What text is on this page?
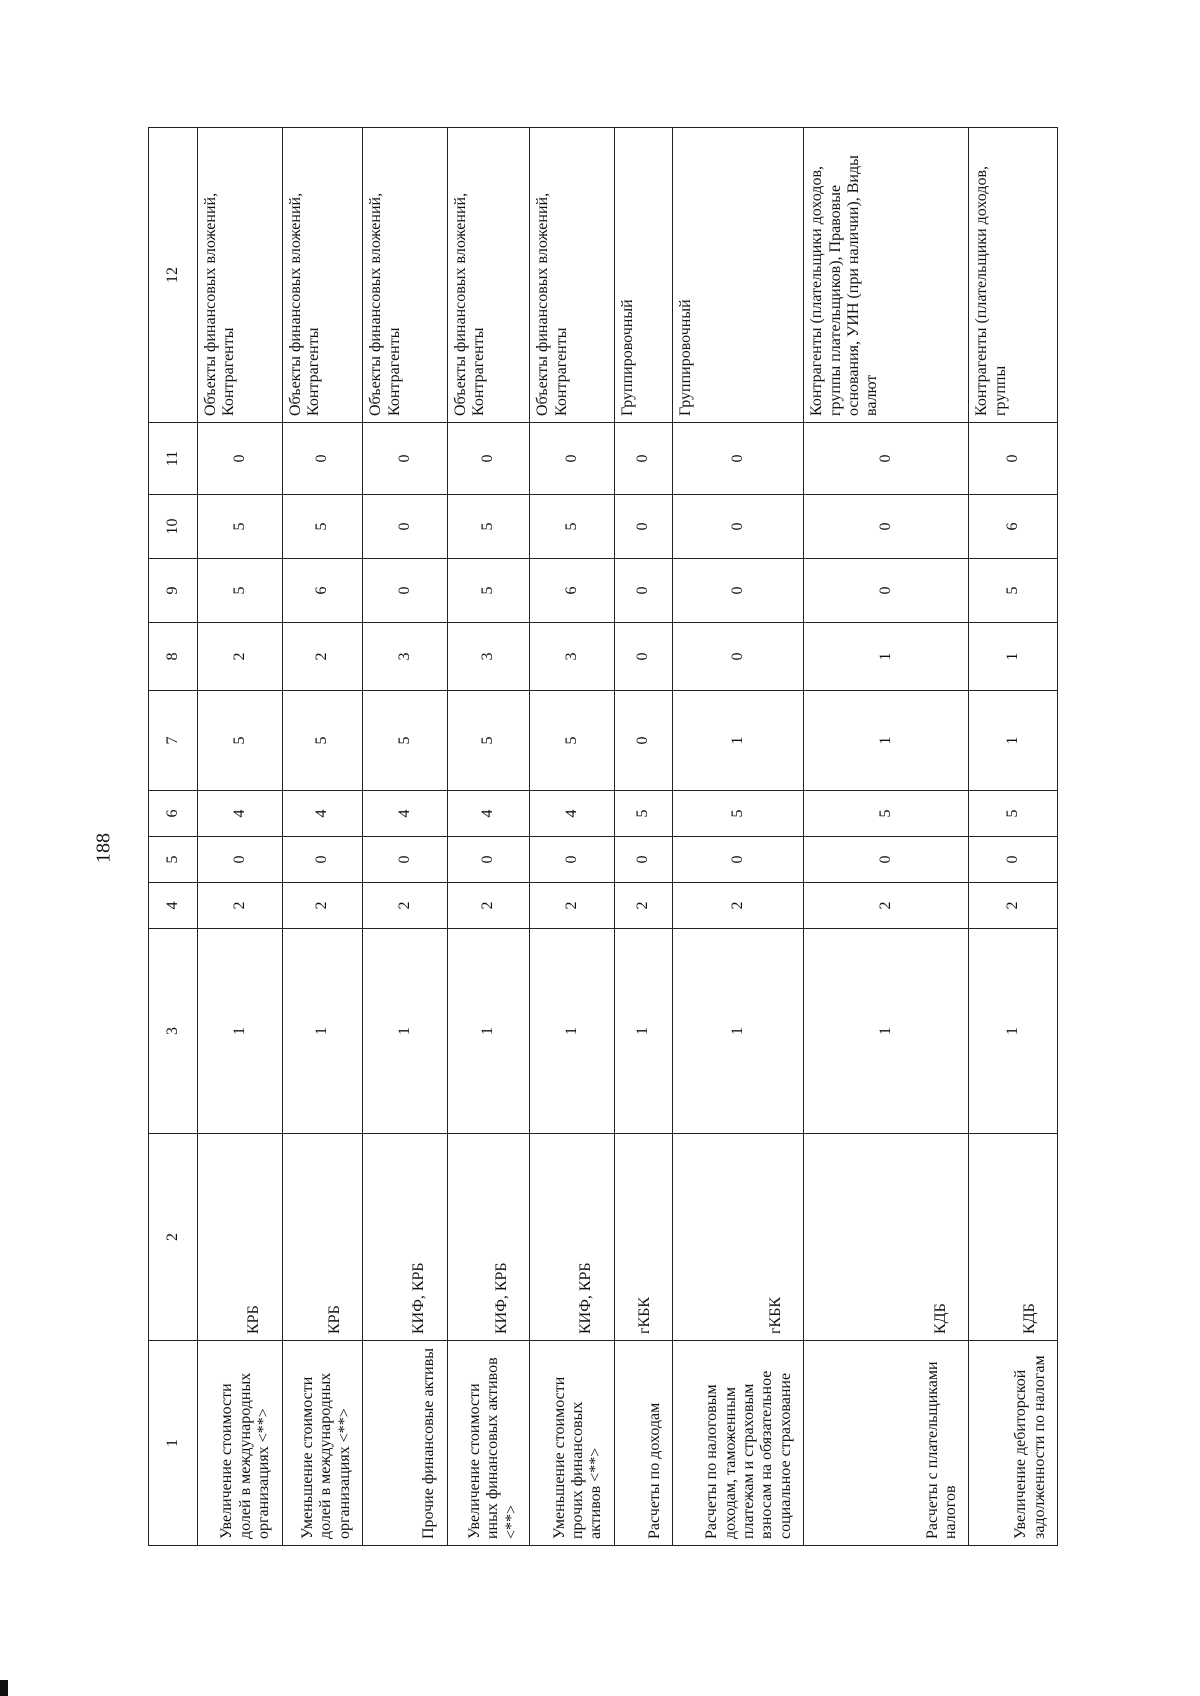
188
1	2	3	4	5	6	7	8	9	10	11	12
Увеличение стоимости долей в международных организациях <**>	КРБ	1	2	0	4	5	2	5	5	0	Объекты финансовых вложений, Контрагенты
Уменьшение стоимости долей в международных организациях <**>	КРБ	1	2	0	4	5	2	6	5	0	Объекты финансовых вложений, Контрагенты
Прочие финансовые активы	КИФ, КРБ	1	2	0	4	5	3	0	0	0	Объекты финансовых вложений, Контрагенты
Увеличение стоимости иных финансовых активов <**>	КИФ, КРБ	1	2	0	4	5	3	5	5	0	Объекты финансовых вложений, Контрагенты
Уменьшение стоимости прочих финансовых активов <**>	КИФ, КРБ	1	2	0	4	5	3	6	5	0	Объекты финансовых вложений, Контрагенты
Расчеты по доходам	гКБК	1	2	0	5	0	0	0	0	0	Группировочный
Расчеты по налоговым доходам, таможенным платежам и страховым взносам на обязательное социальное страхование	гКБК	1	2	0	5	1	0	0	0	0	Группировочный
Расчеты с плательщиками налогов	КДБ	1	2	0	5	1	1	0	0	0	Контрагенты (плательщики доходов, группы плательщиков), Правовые основания, УИН (при наличии), Виды валют
Увеличение дебиторской задолженности по налогам	КДБ	1	2	0	5	1	1	5	6	0	Контрагенты (плательщики доходов, группы
